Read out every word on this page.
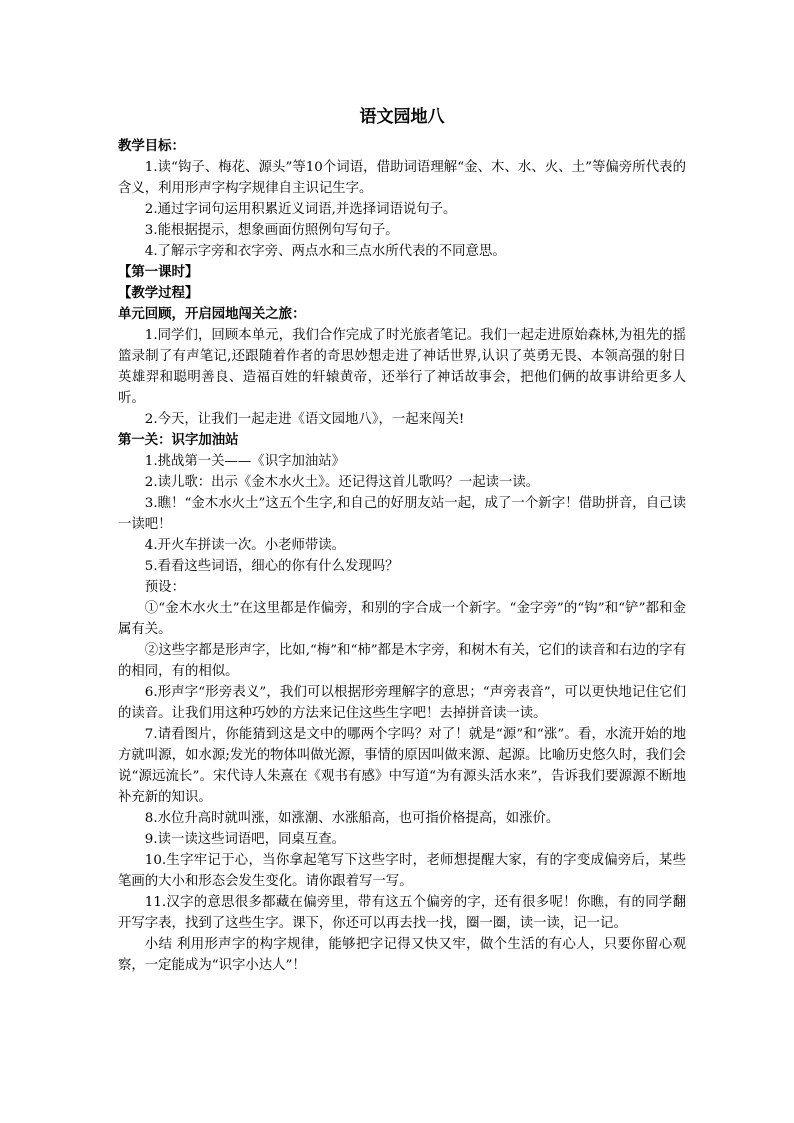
语文园地八
教学目标：

1.读“钩子、梅花、源头”等10个词语，借助词语理解“金、木、水、火、土”等偏旁所代表的含义，利用形声字构字规律自主识记生字。

2.通过字词句运用积累近义词语,并选择词语说句子。

3.能根据提示，想象画面仿照例句写句子。

4.了解示字旁和衣字旁、两点水和三点水所代表的不同意思。

【第一课时】
【教学过程】
单元回顾，开启园地闯关之旅：

1.同学们，回顾本单元，我们合作完成了时光旅者笔记。我们一起走进原始森林,为祖先的摇篮录制了有声笔记,还跟随着作者的奇思妙想走进了神话世界,认识了英勇无畏、本领高强的射日英雄羿和聪明善良、造福百姓的轩辕黄帝，还举行了神话故事会，把他们俩的故事讲给更多人听。

2.今天，让我们一起走进《语文园地八》，一起来闯关!

第一关：识字加油站

1.挑战第一关——《识字加油站》

2.读儿歌：出示《金木水火土》。还记得这首儿歌吗？一起读一读。

3.瞧！“金木水火土”这五个生字,和自己的好朋友站一起，成了一个新字！借助拼音，自己读一读吧！

4.开火车拼读一次。小老师带读。

5.看看这些词语，细心的你有什么发现吗？

预设：

①“金木水火土”在这里都是作偏旁，和别的字合成一个新字。“金字旁”的“钩”和“铲”都和金属有关。

②这些字都是形声字，比如,“梅”和“柿”都是木字旁，和树木有关，它们的读音和右边的字有的相同，有的相似。

6.形声字“形旁表义”，我们可以根据形旁理解字的意思；“声旁表音”，可以更快地记住它们的读音。让我们用这种巧妙的方法来记住这些生字吧！去掉拼音读一读。

7.请看图片，你能猜到这是文中的哪两个字吗？对了！就是“源”和“涨”。看，水流开始的地方就叫源，如水源;发光的物体叫做光源，事情的原因叫做来源、起源。比喻历史悠久时，我们会说“源远流长”。宋代诗人朱熹在《观书有感》中写道“为有源头活水来”，告诉我们要源源不断地补充新的知识。

8.水位升高时就叫涨，如涨潮、水涨船高，也可指价格提高，如涨价。

9.读一读这些词语吧，同桌互查。

10.生字牢记于心，当你拿起笔写下这些字时，老师想提醒大家，有的字变成偏旁后，某些笔画的大小和形态会发生变化。请你跟着写一写。

11.汉字的意思很多都藏在偏旁里，带有这五个偏旁的字，还有很多呢！你瞧，有的同学翻开写字表，找到了这些生字。课下，你还可以再去找一找，圈一圈，读一读，记一记。

小结 利用形声字的构字规律，能够把字记得又快又牢，做个生活的有心人，只要你留心观察，一定能成为“识字小达人”！
